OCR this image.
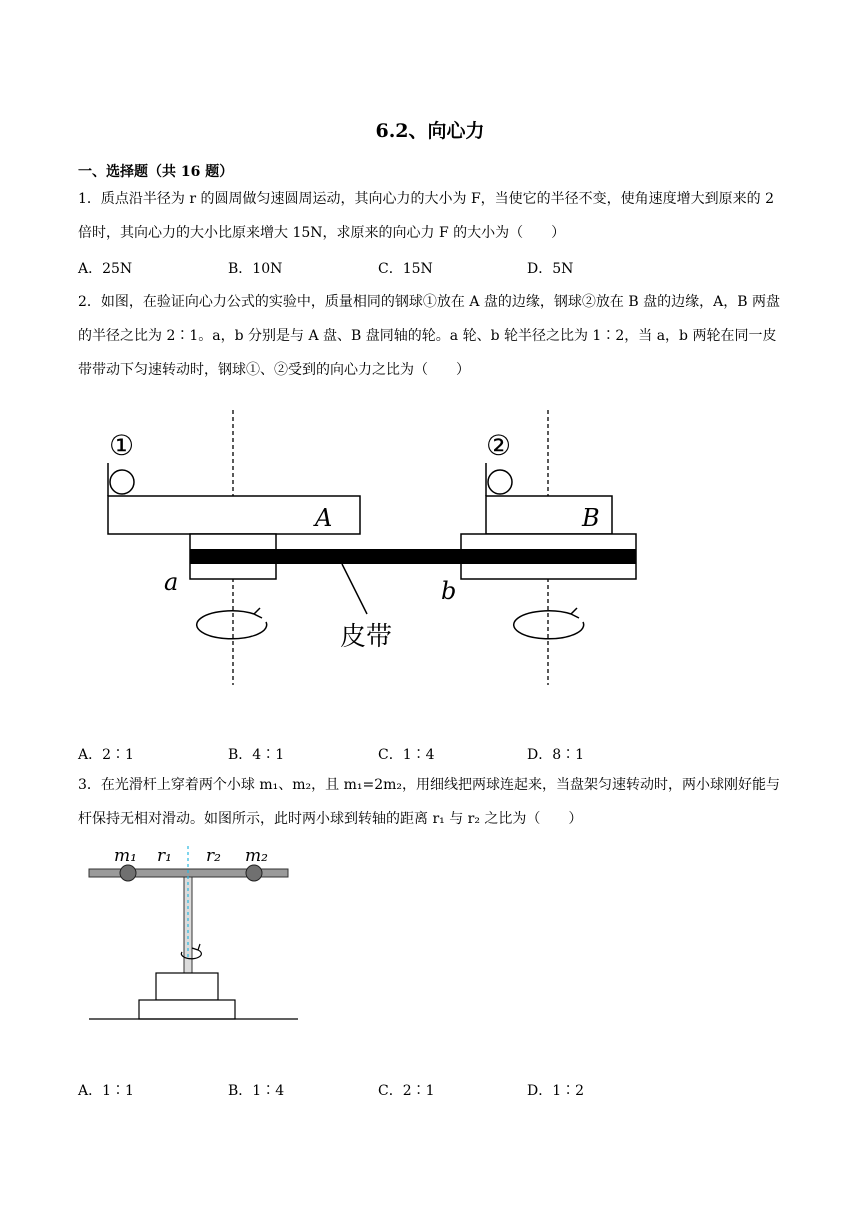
6.2、向心力
一、选择题（共 16 题）
1．质点沿半径为 r 的圆周做匀速圆周运动，其向心力的大小为 F，当使它的半径不变，使角速度增大到原来的 2 倍时，其向心力的大小比原来增大 15N，求原来的向心力 F 的大小为（　　）
A．25N	B．10N	C．15N	D．5N
2．如图，在验证向心力公式的实验中，质量相同的钢球①放在 A 盘的边缘，钢球②放在 B 盘的边缘，A，B 两盘的半径之比为 2∶1。a，b 分别是与 A 盘、B 盘同轴的轮。a 轮、b 轮半径之比为 1∶2，当 a，b 两轮在同一皮带带动下匀速转动时，钢球①、②受到的向心力之比为（　　）
①	②
A	B
a	b
皮带
A．2∶1	B．4∶1	C．1∶4	D．8∶1
3．在光滑杆上穿着两个小球 m₁、m₂，且 m₁=2m₂，用细线把两球连起来，当盘架匀速转动时，两小球刚好能与杆保持无相对滑动。如图所示，此时两小球到转轴的距离 r₁ 与 r₂ 之比为（　　）
m₁ r₁ r₂ m₂
A．1∶1	B．1∶4	C．2∶1	D．1∶2
